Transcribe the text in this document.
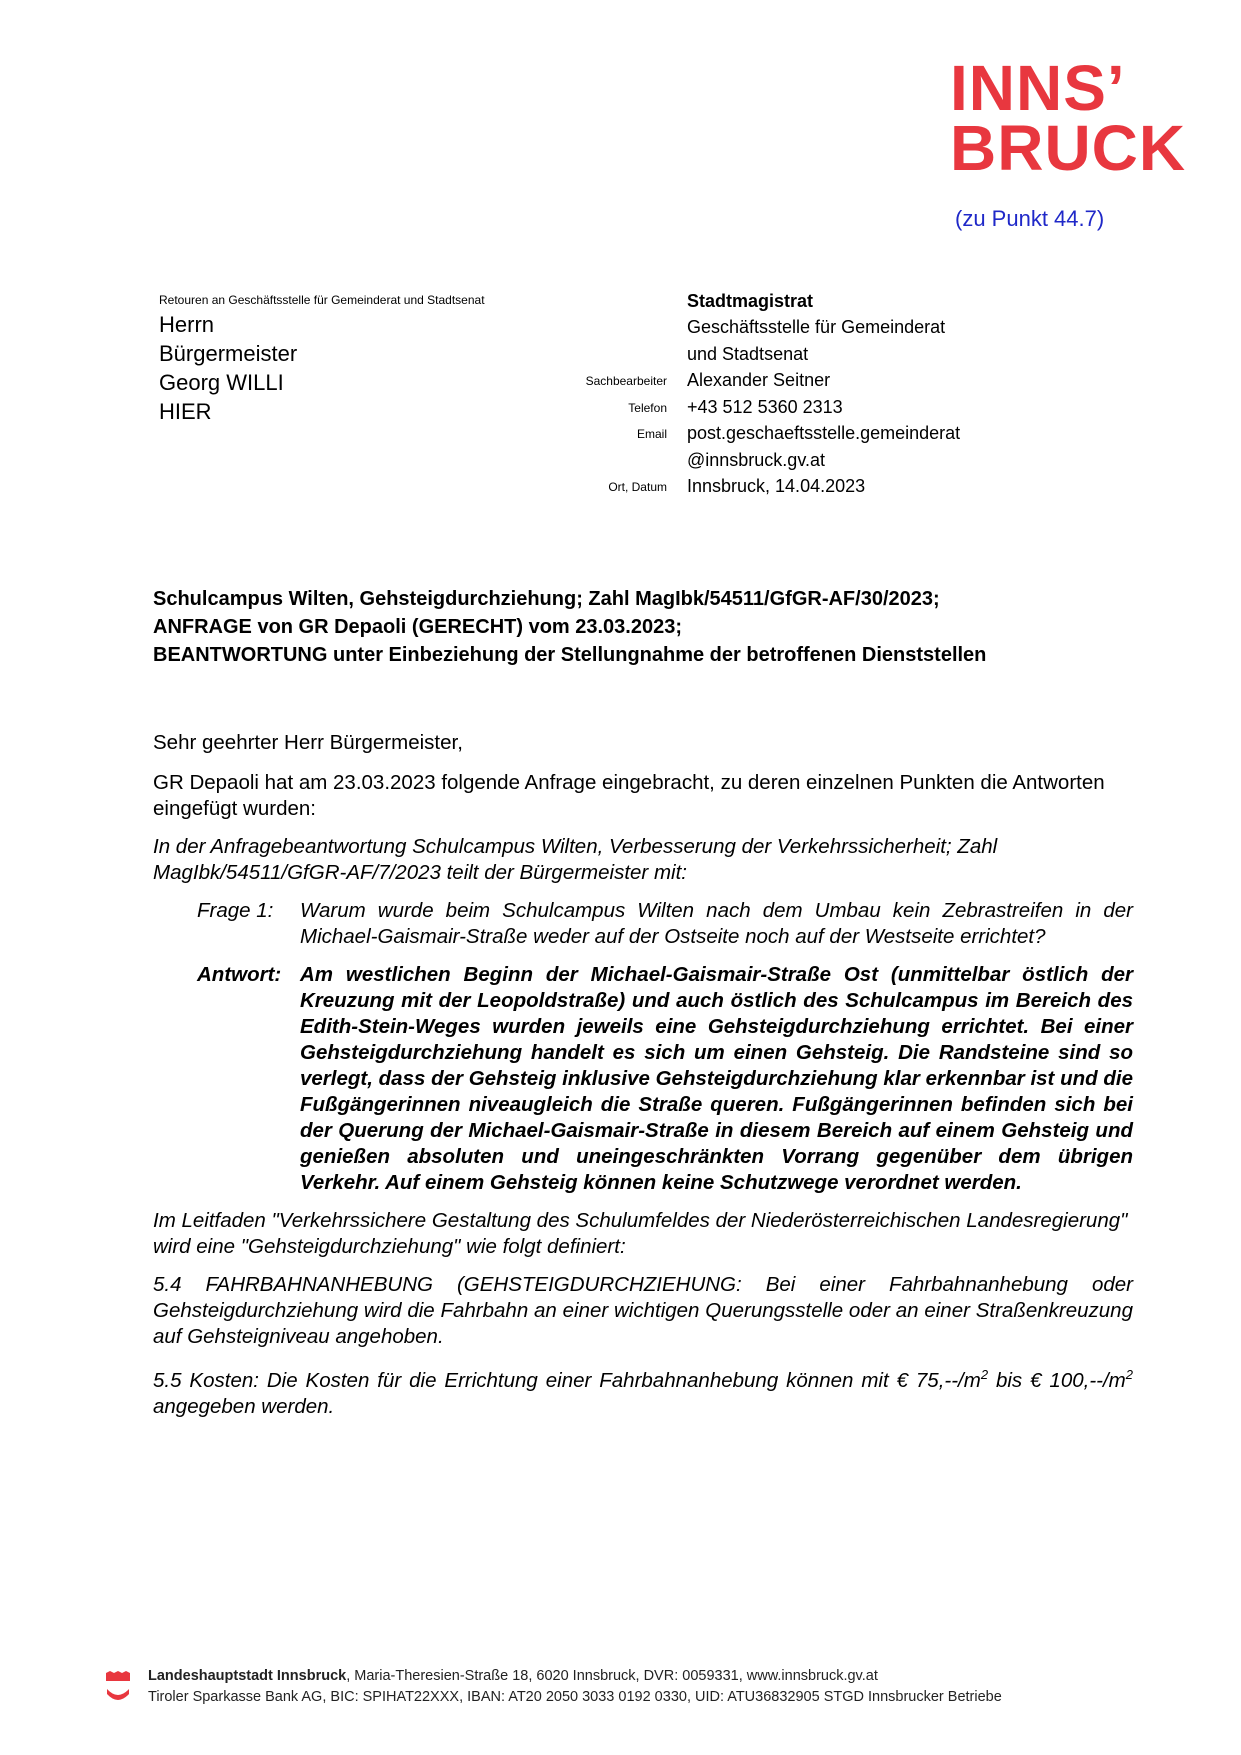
INNS’
BRUCK
(zu Punkt 44.7)
Retouren an Geschäftsstelle für Gemeinderat und Stadtsenat
Herrn
Bürgermeister
Georg WILLI
HIER
Stadtmagistrat
Geschäftsstelle für Gemeinderat
und Stadtsenat
Sachbearbeiter	Alexander Seitner
Telefon	+43 512 5360 2313
Email	post.geschaeftsstelle.gemeinderat
@innsbruck.gv.at
Ort, Datum	Innsbruck, 14.04.2023
Schulcampus Wilten, Gehsteigdurchziehung; Zahl MagIbk/54511/GfGR-AF/30/2023;
ANFRAGE von GR Depaoli (GERECHT) vom 23.03.2023;
BEANTWORTUNG unter Einbeziehung der Stellungnahme der betroffenen Dienststellen

Sehr geehrter Herr Bürgermeister,

GR Depaoli hat am 23.03.2023 folgende Anfrage eingebracht, zu deren einzelnen Punkten die Antworten eingefügt wurden:

In der Anfragebeantwortung Schulcampus Wilten, Verbesserung der Verkehrssicherheit; Zahl MagIbk/54511/GfGR-AF/7/2023 teilt der Bürgermeister mit:

Frage 1:	Warum wurde beim Schulcampus Wilten nach dem Umbau kein Zebrastreifen in der Michael-Gaismair-Straße weder auf der Ostseite noch auf der Westseite errichtet?
Antwort: Am westlichen Beginn der Michael-Gaismair-Straße Ost (unmittelbar östlich der Kreuzung mit der Leopoldstraße) und auch östlich des Schulcampus im Bereich des Edith-Stein-Weges wurden jeweils eine Gehsteigdurchziehung errichtet. Bei einer Gehsteigdurchziehung handelt es sich um einen Gehsteig. Die Randsteine sind so verlegt, dass der Gehsteig inklusive Gehsteigdurchziehung klar erkennbar ist und die Fußgängerinnen niveaugleich die Straße queren. Fußgängerinnen befinden sich bei der Querung der Michael-Gaismair-Straße in diesem Bereich auf einem Gehsteig und genießen absoluten und uneingeschränkten Vorrang gegenüber dem übrigen Verkehr. Auf einem Gehsteig können keine Schutzwege verordnet werden.

Im Leitfaden "Verkehrssichere Gestaltung des Schulumfeldes der Niederösterreichischen Landesregierung" wird eine "Gehsteigdurchziehung" wie folgt definiert:

5.4 FAHRBAHNANHEBUNG (GEHSTEIGDURCHZIEHUNG: Bei einer Fahrbahnanhebung oder Gehsteigdurchziehung wird die Fahrbahn an einer wichtigen Querungsstelle oder an einer Straßenkreuzung auf Gehsteigniveau angehoben.

5.5 Kosten: Die Kosten für die Errichtung einer Fahrbahnanhebung können mit € $75,--/m^2$ bis € $100,--/m^2$ angegeben werden.

Landeshauptstadt Innsbruck, Maria-Theresien-Straße 18, 6020 Innsbruck, DVR: 0059331, www.innsbruck.gv.at
Tiroler Sparkasse Bank AG, BIC: SPIHAT22XXX, IBAN: AT20 2050 3033 0192 0330, UID: ATU36832905 STGD Innsbrucker Betriebe
